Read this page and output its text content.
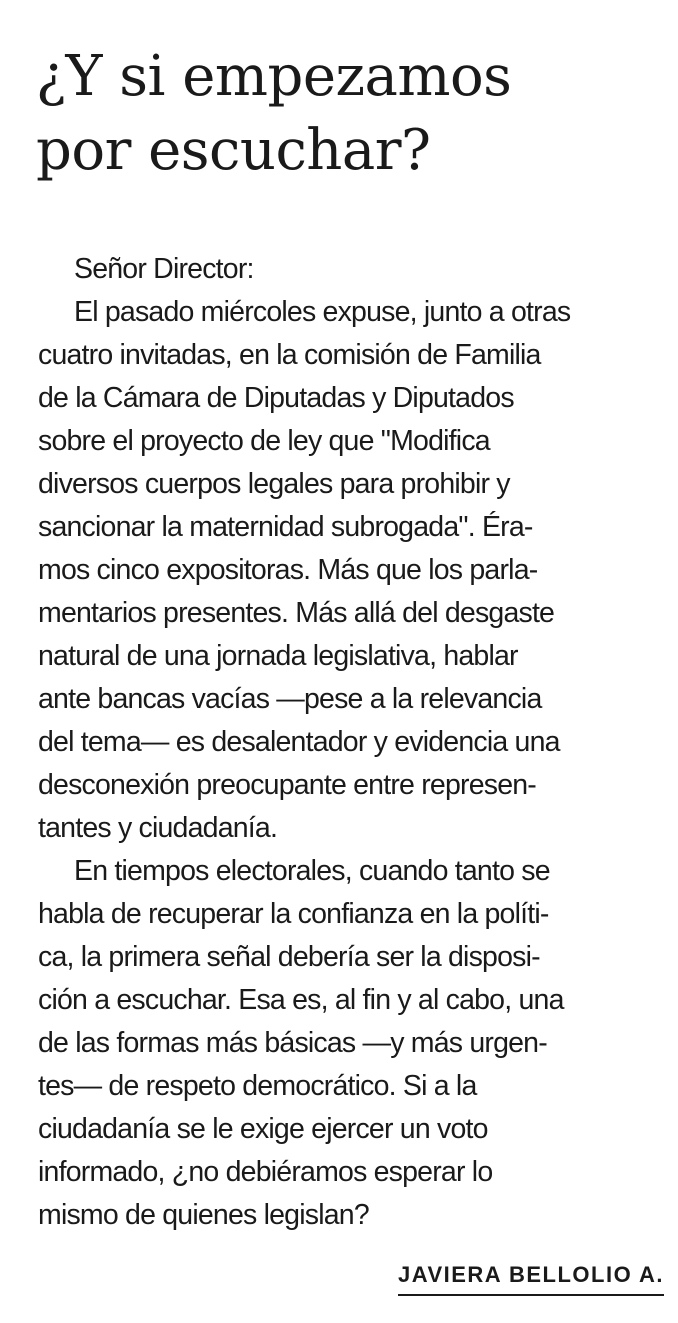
¿Y si empezamos
por escuchar?
Señor Director:
El pasado miércoles expuse, junto a otras
cuatro invitadas, en la comisión de Familia
de la Cámara de Diputadas y Diputados
sobre el proyecto de ley que "Modifica
diversos cuerpos legales para prohibir y
sancionar la maternidad subrogada". Éra-
mos cinco expositoras. Más que los parla-
mentarios presentes. Más allá del desgaste
natural de una jornada legislativa, hablar
ante bancas vacías —pese a la relevancia
del tema— es desalentador y evidencia una
desconexión preocupante entre represen-
tantes y ciudadanía.
En tiempos electorales, cuando tanto se
habla de recuperar la confianza en la políti-
ca, la primera señal debería ser la disposi-
ción a escuchar. Esa es, al fin y al cabo, una
de las formas más básicas —y más urgen-
tes— de respeto democrático. Si a la
ciudadanía se le exige ejercer un voto
informado, ¿no debiéramos esperar lo
mismo de quienes legislan?
JAVIERA BELLOLIO A.
